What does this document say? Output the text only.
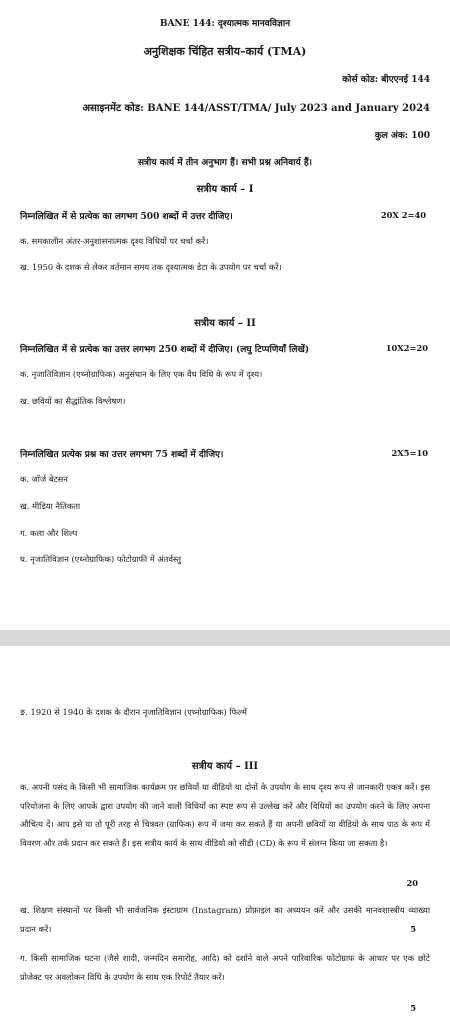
BANE 144: दृश्यात्मक मानवविज्ञान
अनुशिक्षक चिंहित सत्रीय–कार्य (TMA)
कोर्स कोड: बीएएनई 144
असाइनमेंट कोड: BANE 144/ASST/TMA/ July 2023 and January 2024
कुल अंक: 100
सत्रीय कार्य में तीन अनुभाग हैं। सभी प्रश्न अनिवार्य हैं।
सत्रीय कार्य – I
निम्नलिखित में से प्रत्येक का लगभग 500 शब्दों में उत्तर दीजिए।	20X 2=40
क. समकालीन अंतर-अनुशासनात्मक दृश्य विधियों पर चर्चा करें।
ख. 1950 के दशक से लेकर वर्तमान समय तक दृश्यात्मक डेटा के उपयोग पर चर्चा करें।
सत्रीय कार्य – II
निम्नलिखित में से प्रत्येक का उत्तर लगभग 250 शब्दों में दीजिए। (लघु टिप्पणियाँ लिखें)	10X2=20
क. नृजातिविज्ञान (एथ्नोग्राफिक) अनुसंधान के लिए एक वैध विधि के रूप में दृश्य।
ख. छवियों का सैद्धांतिक विश्लेषण।
निम्नलिखित प्रत्येक प्रश्न का उत्तर लगभग 75 शब्दों में दीजिए।	2X5=10
क. जॉर्ज बेटसन
ख. मीडिया नैतिकता
ग. कला और शिल्प
घ. नृजातिविज्ञान (एथ्नोग्राफिक) फोटोग्राफी में अंतर्वस्तु
ङ. 1920 से 1940 के दशक के दौरान नृजातिविज्ञान (एथ्नोग्राफिक) फिल्में
सत्रीय कार्य – III
क. अपनी पसंद के किसी भी सामाजिक कार्यक्रम पर छवियों या वीडियो या दोनों के उपयोग के साथ दृश्य रूप से जानकारी एकत्र करें। इस परियोजना के लिए आपके द्वारा उपयोग की जाने वाली विधियों का स्पष्ट रूप से उल्लेख करें और विधियों का उपयोग करने के लिए अपना औचित्य दें। आप इसे या तो पूरी तरह से चित्रवत (ग्राफिक) रूप में जमा कर सकते हैं या अपनी छवियों या वीडियो के साथ पाठ के रूप में विवरण और तर्क प्रदान कर सकते हैं। इस सत्रीय कार्य के साथ वीडियो को सीडी (CD) के रूप में संलग्न किया जा सकता है।
20
ख. शिक्षण संस्थानों पर किसी भी सार्वजनिक इंस्टाग्राम (Instagram) प्रोफ़ाइल का अध्ययन करें और उसकी मानवशास्त्रीय व्याख्या प्रदान करें।	5
ग. किसी सामाजिक घटना (जैसे शादी, जन्मदिन समारोह, आदि) को दर्शाने वाले अपने पारिवारिक फोटोग्राफ के आधार पर एक छोटे प्रोजेक्ट पर अवलोकन विधि के उपयोग के साथ एक रिपोर्ट तैयार करें।
5
